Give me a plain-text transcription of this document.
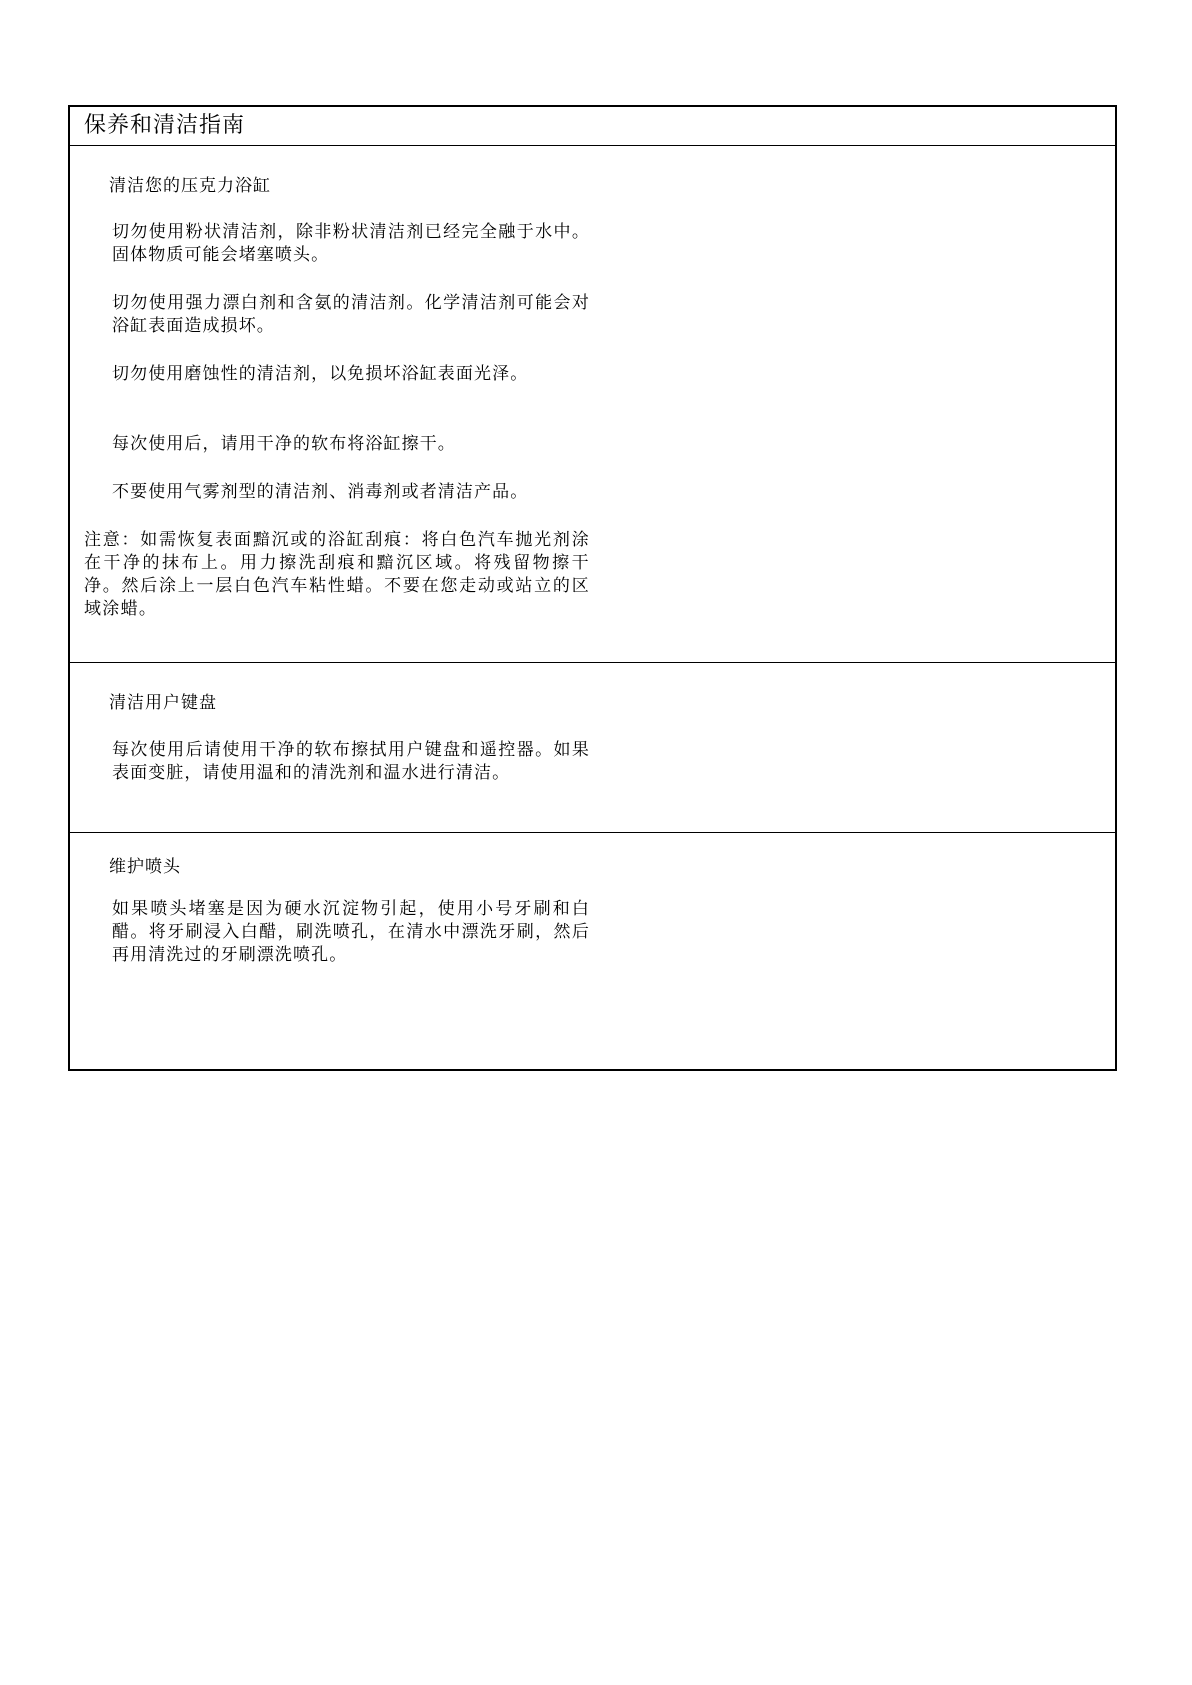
保养和清洁指南
清洁您的压克力浴缸

切勿使用粉状清洁剂，除非粉状清洁剂已经完全融于水中。固体物质可能会堵塞喷头。

切勿使用强力漂白剂和含氨的清洁剂。化学清洁剂可能会对浴缸表面造成损坏。

切勿使用磨蚀性的清洁剂，以免损坏浴缸表面光泽。

每次使用后，请用干净的软布将浴缸擦干。

不要使用气雾剂型的清洁剂、消毒剂或者清洁产品。

注意：如需恢复表面黯沉或的浴缸刮痕：将白色汽车抛光剂涂在干净的抹布上。用力擦洗刮痕和黯沉区域。将残留物擦干净。然后涂上一层白色汽车粘性蜡。不要在您走动或站立的区域涂蜡。

清洁用户键盘

每次使用后请使用干净的软布擦拭用户键盘和遥控器。如果表面变脏，请使用温和的清洗剂和温水进行清洁。

维护喷头

如果喷头堵塞是因为硬水沉淀物引起，使用小号牙刷和白醋。将牙刷浸入白醋，刷洗喷孔，在清水中漂洗牙刷，然后再用清洗过的牙刷漂洗喷孔。
